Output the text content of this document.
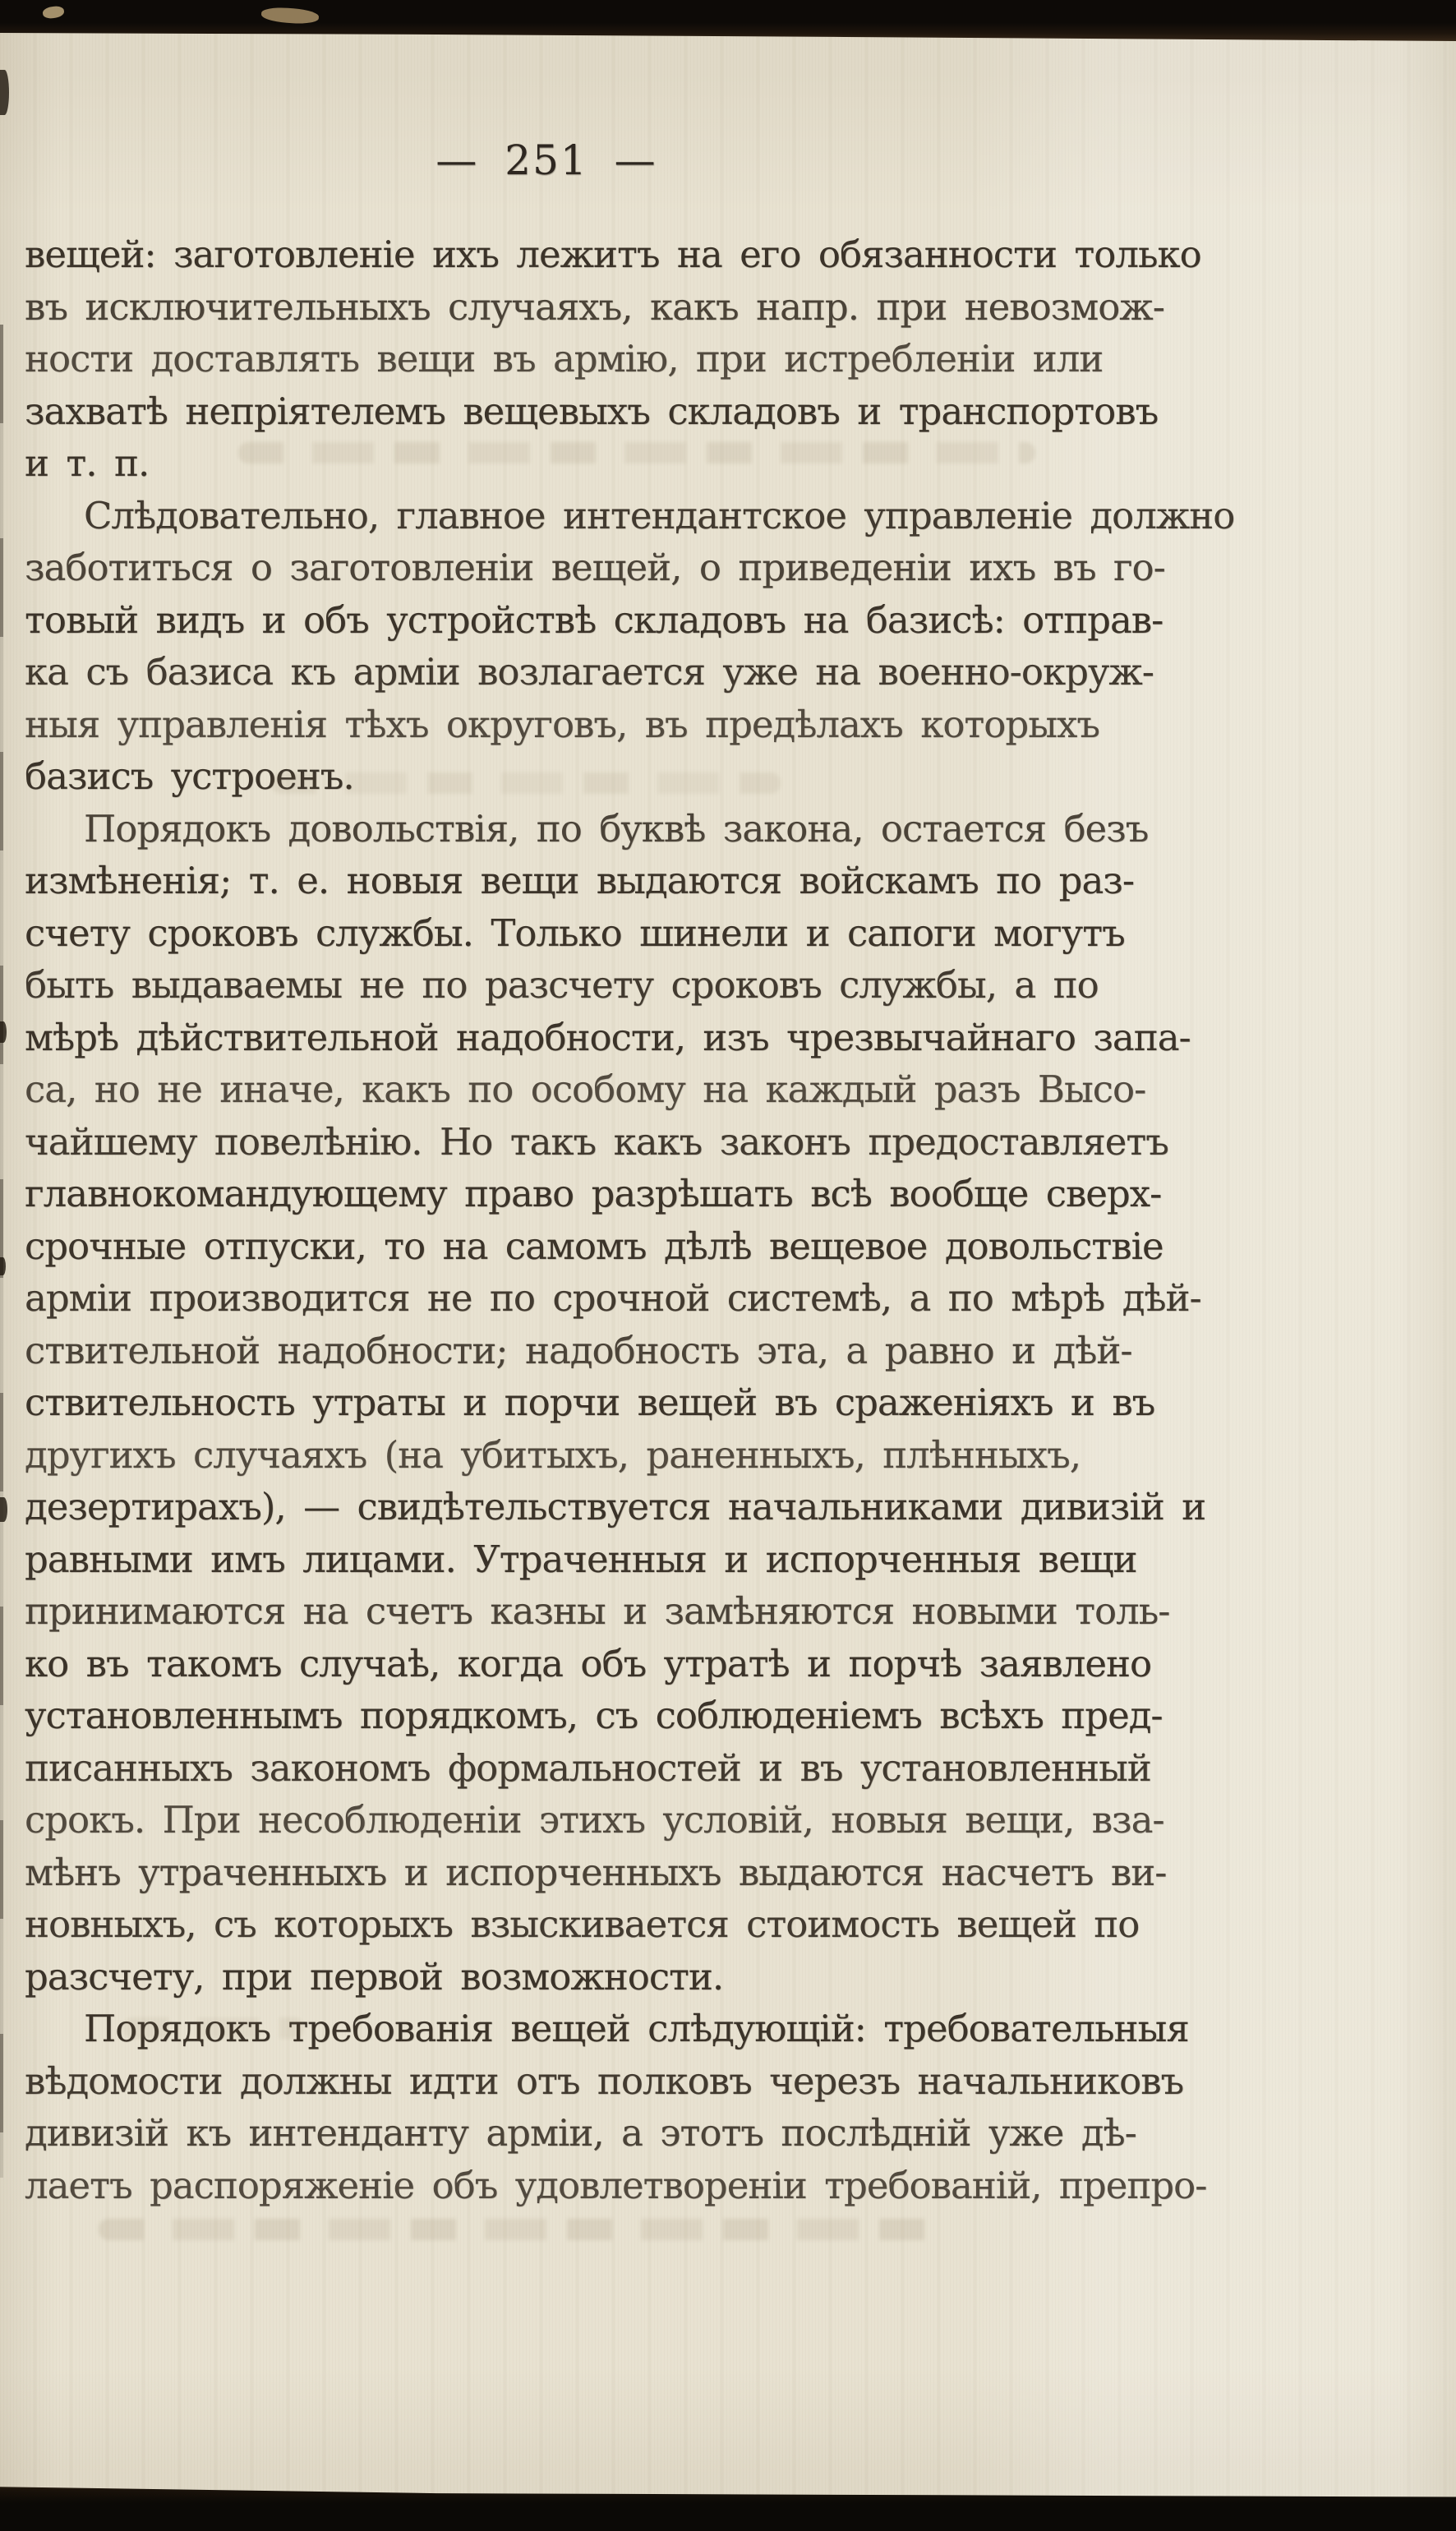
— 251 —
вещей: заготовленіе ихъ лежитъ на его обязанности только
въ исключительныхъ случаяхъ, какъ напр. при невозмож-
ности доставлять вещи въ армію, при истребленіи или
захватѣ непріятелемъ вещевыхъ складовъ и транспортовъ
и т. п.
Слѣдовательно, главное интендантское управленіе должно
заботиться о заготовленіи вещей, о приведеніи ихъ въ го-
товый видъ и объ устройствѣ складовъ на базисѣ: отправ-
ка съ базиса къ арміи возлагается уже на военно-окруж-
ныя управленія тѣхъ округовъ, въ предѣлахъ которыхъ
базисъ устроенъ.
Порядокъ довольствія, по буквѣ закона, остается безъ
измѣненія; т. е. новыя вещи выдаются войскамъ по раз-
счету сроковъ службы. Только шинели и сапоги могутъ
быть выдаваемы не по разсчету сроковъ службы, а по
мѣрѣ дѣйствительной надобности, изъ чрезвычайнаго запа-
са, но не иначе, какъ по особому на каждый разъ Высо-
чайшему повелѣнію. Но такъ какъ законъ предоставляетъ
главнокомандующему право разрѣшать всѣ вообще сверх-
срочные отпуски, то на самомъ дѣлѣ вещевое довольствіе
арміи производится не по срочной системѣ, а по мѣрѣ дѣй-
ствительной надобности; надобность эта, а равно и дѣй-
ствительность утраты и порчи вещей въ сраженіяхъ и въ
другихъ случаяхъ (на убитыхъ, раненныхъ, плѣнныхъ,
дезертирахъ), — свидѣтельствуется начальниками дивизій и
равными имъ лицами. Утраченныя и испорченныя вещи
принимаются на счетъ казны и замѣняются новыми толь-
ко въ такомъ случаѣ, когда объ утратѣ и порчѣ заявлено
установленнымъ порядкомъ, съ соблюденіемъ всѣхъ пред-
писанныхъ закономъ формальностей и въ установленный
срокъ. При несоблюденіи этихъ условій, новыя вещи, вза-
мѣнъ утраченныхъ и испорченныхъ выдаются насчетъ ви-
новныхъ, съ которыхъ взыскивается стоимость вещей по
разсчету, при первой возможности.
Порядокъ требованія вещей слѣдующій: требовательныя
вѣдомости должны идти отъ полковъ черезъ начальниковъ
дивизій къ интенданту арміи, а этотъ послѣдній уже дѣ-
лаетъ распоряженіе объ удовлетвореніи требованій, препро-
